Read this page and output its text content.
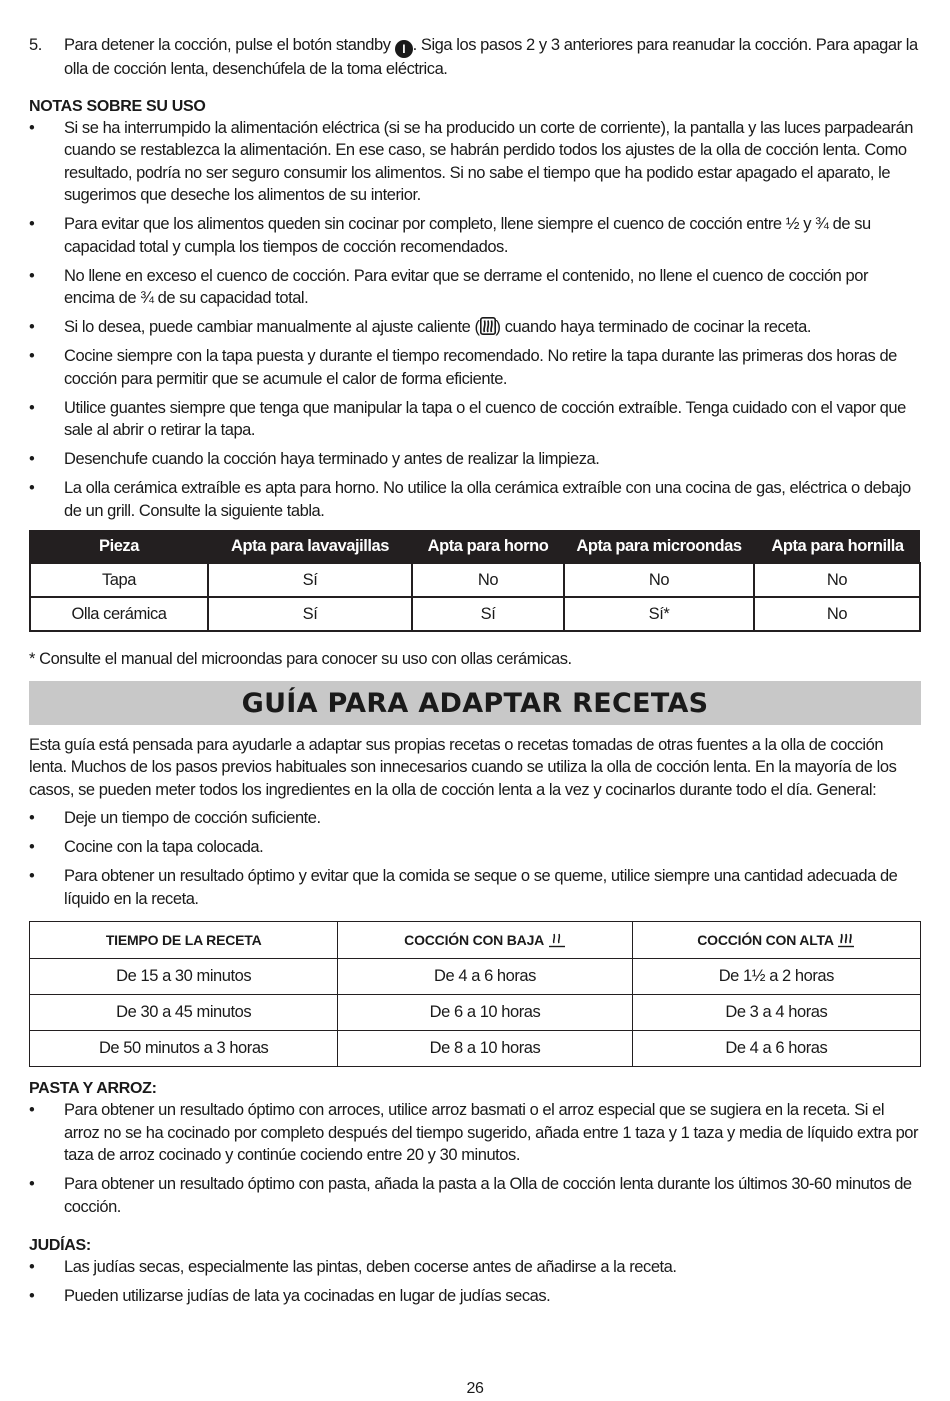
5.	Para detener la cocción, pulse el botón standby I . Siga los pasos 2 y 3 anteriores para reanudar la cocción. Para apagar la olla de cocción lenta, desenchúfela de la toma eléctrica.

NOTAS SOBRE SU USO

•	Si se ha interrumpido la alimentación eléctrica (si se ha producido un corte de corriente), la pantalla y las luces parpadearán cuando se restablezca la alimentación. En ese caso, se habrán perdido todos los ajustes de la olla de cocción lenta. Como resultado, podría no ser seguro consumir los alimentos. Si no sabe el tiempo que ha podido estar apagado el aparato, le sugerimos que deseche los alimentos de su interior.
•	Para evitar que los alimentos queden sin cocinar por completo, llene siempre el cuenco de cocción entre ½ y ¾ de su capacidad total y cumpla los tiempos de cocción recomendados.
•	No llene en exceso el cuenco de cocción. Para evitar que se derrame el contenido, no llene el cuenco de cocción por encima de ¾ de su capacidad total.
•	Si lo desea, puede cambiar manualmente al ajuste caliente ( ) cuando haya terminado de cocinar la receta.
•	Cocine siempre con la tapa puesta y durante el tiempo recomendado. No retire la tapa durante las primeras dos horas de cocción para permitir que se acumule el calor de forma eficiente.
•	Utilice guantes siempre que tenga que manipular la tapa o el cuenco de cocción extraíble. Tenga cuidado con el vapor que sale al abrir o retirar la tapa.
•	Desenchufe cuando la cocción haya terminado y antes de realizar la limpieza.
•	La olla cerámica extraíble es apta para horno. No utilice la olla cerámica extraíble con una cocina de gas, eléctrica o debajo de un grill. Consulte la siguiente tabla.
Pieza	Apta para lavavajillas	Apta para horno	Apta para microondas	Apta para hornilla
Tapa	Sí	No	No	No
Olla cerámica	Sí	Sí	Sí*	No
* Consulte el manual del microondas para conocer su uso con ollas cerámicas.
GUÍA PARA ADAPTAR RECETAS
Esta guía está pensada para ayudarle a adaptar sus propias recetas o recetas tomadas de otras fuentes a la olla de cocción lenta. Muchos de los pasos previos habituales son innecesarios cuando se utiliza la olla de cocción lenta. En la mayoría de los casos, se pueden meter todos los ingredientes en la olla de cocción lenta a la vez y cocinarlos durante todo el día. General:
•	Deje un tiempo de cocción suficiente.
•	Cocine con la tapa colocada.
•	Para obtener un resultado óptimo y evitar que la comida se seque o se queme, utilice siempre una cantidad adecuada de líquido en la receta.
TIEMPO DE LA RECETA	COCCIÓN CON BAJA	COCCIÓN CON ALTA
De 15 a 30 minutos	De 4 a 6 horas	De 1½ a 2 horas
De 30 a 45 minutos	De 6 a 10 horas	De 3 a 4 horas
De 50 minutos a 3 horas	De 8 a 10 horas	De 4 a 6 horas

PASTA Y ARROZ:

•	Para obtener un resultado óptimo con arroces, utilice arroz basmati o el arroz especial que se sugiera en la receta. Si el arroz no se ha cocinado por completo después del tiempo sugerido, añada entre 1 taza y 1 taza y media de líquido extra por taza de arroz cocinado y continúe cociendo entre 20 y 30 minutos.
•	Para obtener un resultado óptimo con pasta, añada la pasta a la Olla de cocción lenta durante los últimos 30-60 minutos de cocción.

JUDÍAS:

•	Las judías secas, especialmente las pintas, deben cocerse antes de añadirse a la receta.
•	Pueden utilizarse judías de lata ya cocinadas en lugar de judías secas.
26
